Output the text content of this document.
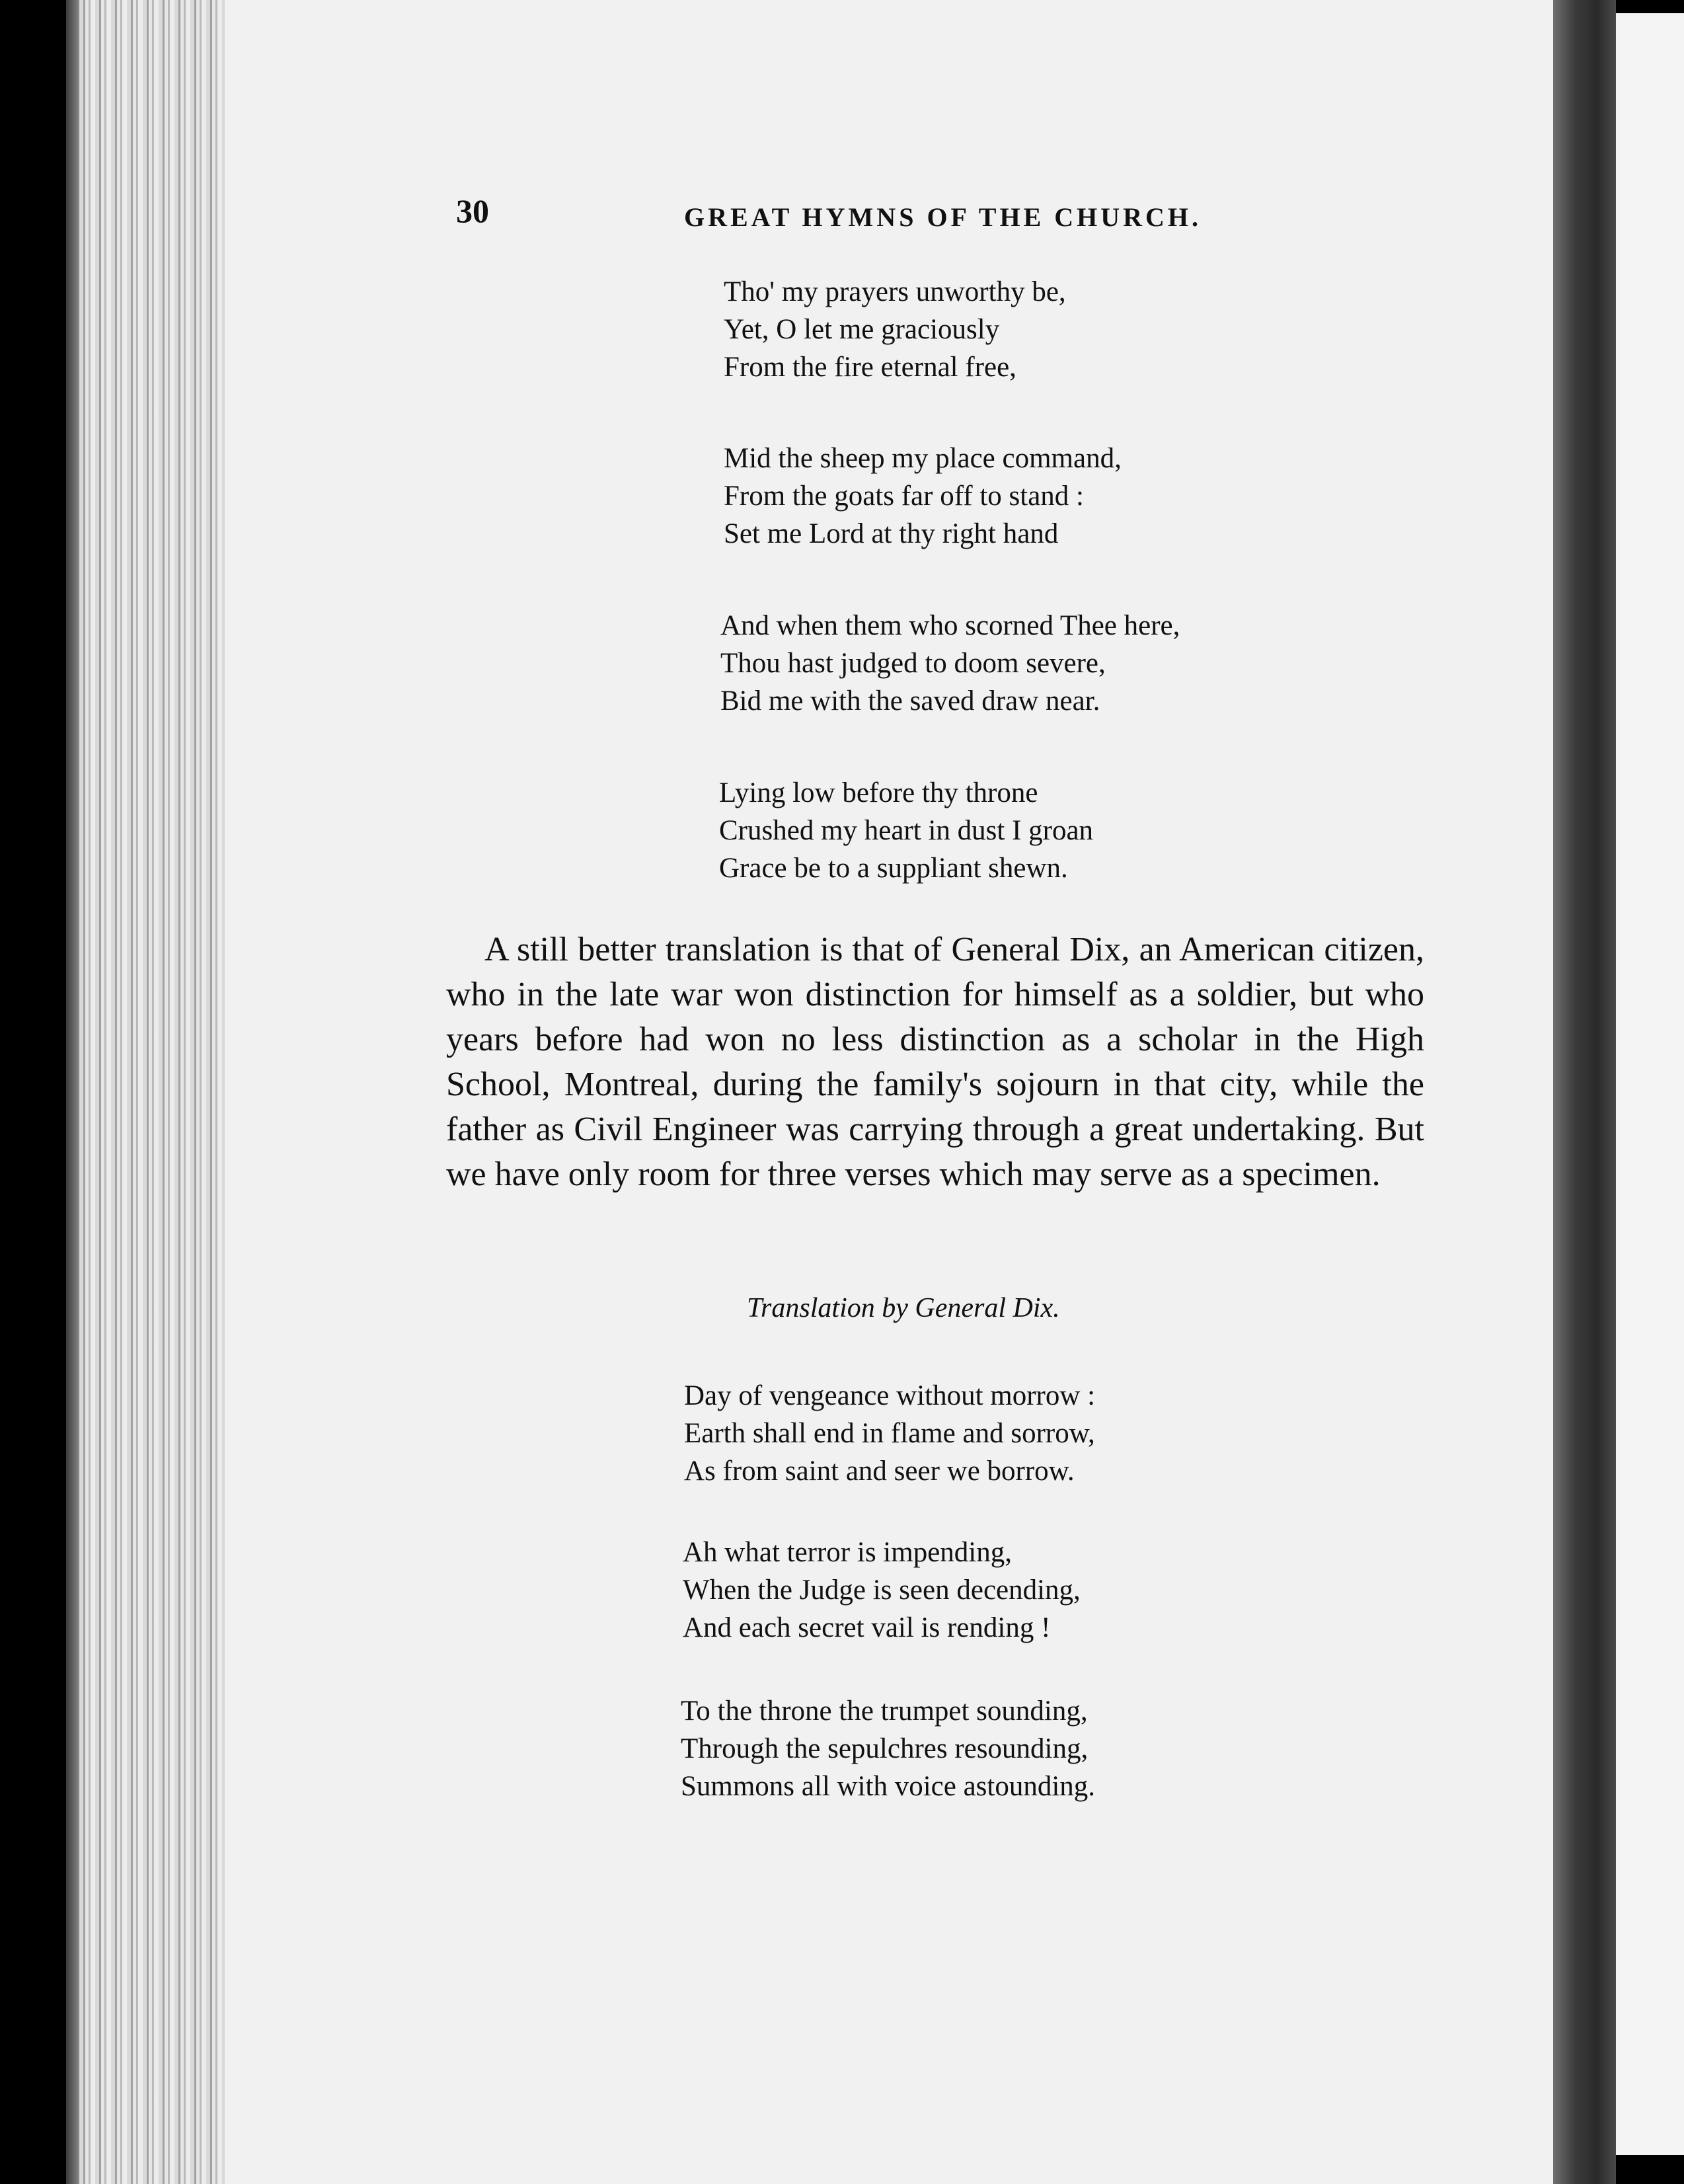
30	GREAT HYMNS OF THE CHURCH.
Tho' my prayers unworthy be,
Yet, O let me graciously
From the fire eternal free,
Mid the sheep my place command,
From the goats far off to stand :
Set me Lord at thy right hand
And when them who scorned Thee here,
Thou hast judged to doom severe,
Bid me with the saved draw near.
Lying low before thy throne
Crushed my heart in dust I groan
Grace be to a suppliant shewn.

A still better translation is that of General Dix, an American citizen, who in the late war won distinction for himself as a soldier, but who years before had won no less distinction as a scholar in the High School, Montreal, during the family's sojourn in that city, while the father as Civil Engineer was carrying through a great undertaking. But we have only room for three verses which may serve as a specimen.

Translation by General Dix.
Day of vengeance without morrow :
Earth shall end in flame and sorrow,
As from saint and seer we borrow.
Ah what terror is impending,
When the Judge is seen decending,
And each secret vail is rending !
To the throne the trumpet sounding,
Through the sepulchres resounding,
Summons all with voice astounding.
